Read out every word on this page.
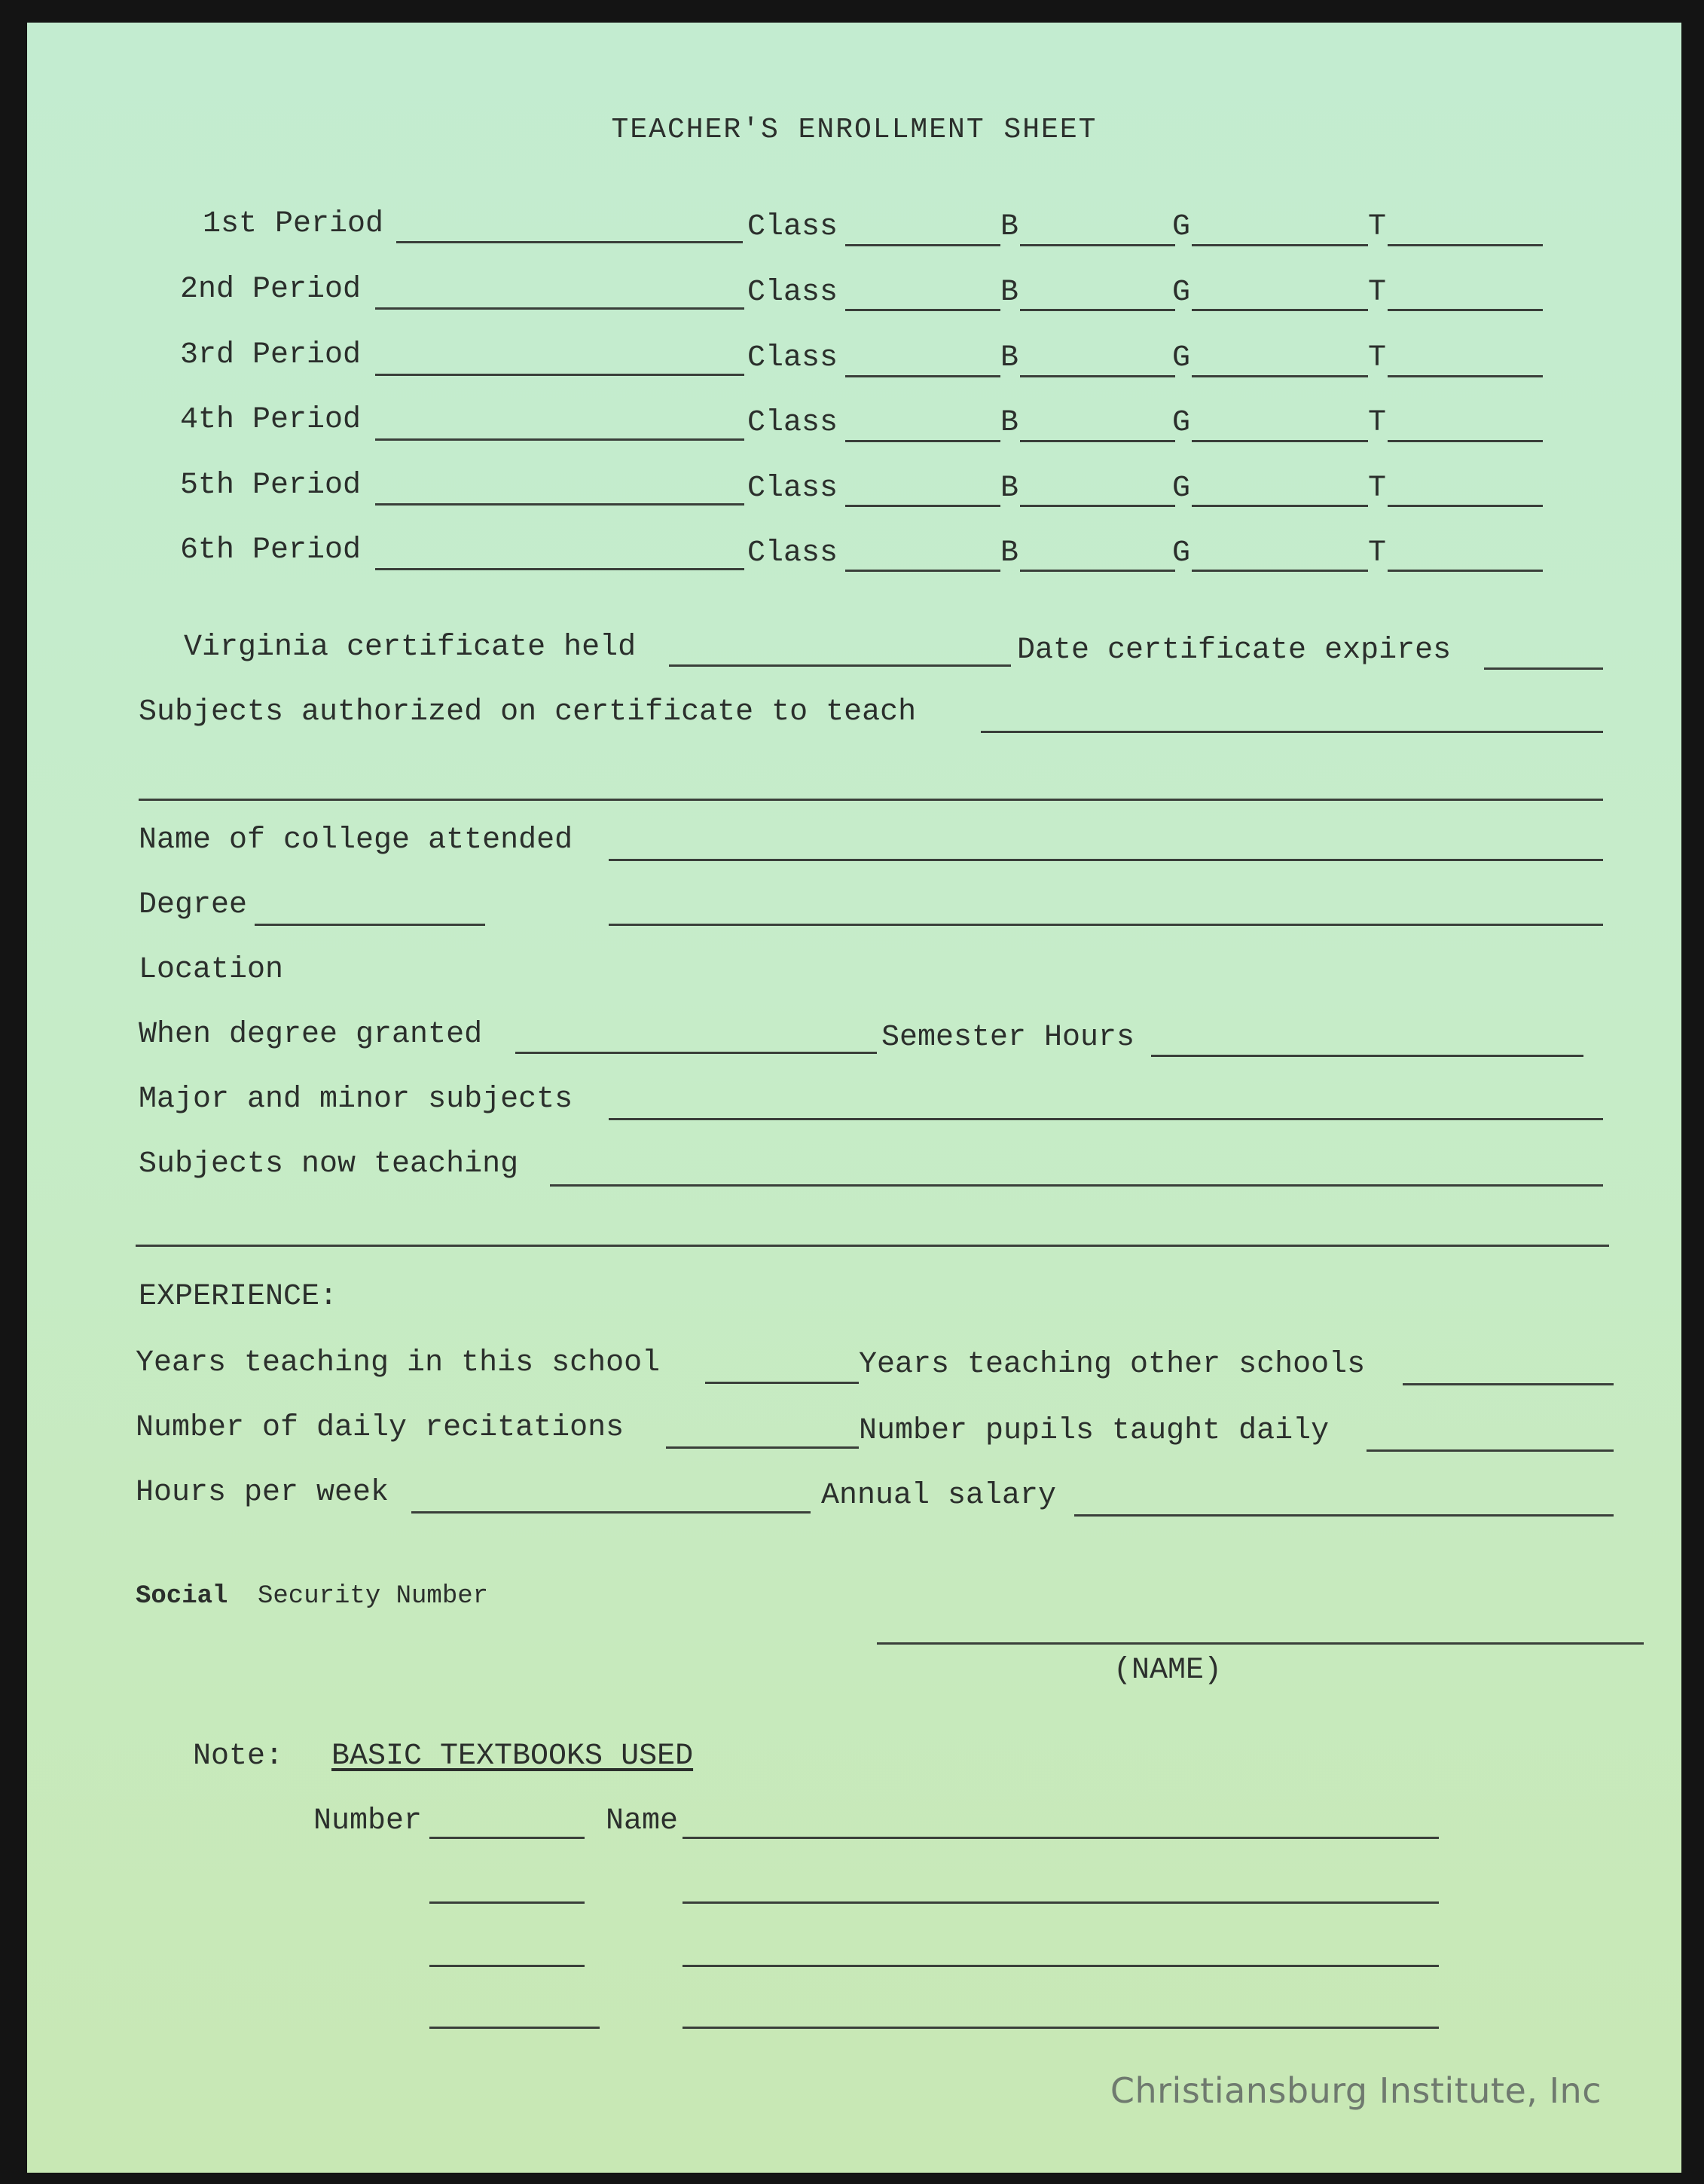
TEACHER'S ENROLLMENT SHEET
1st Period	Class	B	G	T
2nd Period	Class	B	G	T
3rd Period	Class	B	G	T
4th Period	Class	B	G	T
5th Period	Class	B	G	T
6th Period	Class	B	G	T
Virginia certificate held	Date certificate expires
Subjects authorized on certificate to teach
Name of college attended
Degree
Location
When degree granted	Semester Hours
Major and minor subjects
Subjects now teaching
EXPERIENCE:
Years teaching in this school	Years teaching other schools
Number of daily recitations	Number pupils taught daily
Hours per week	Annual salary
Social Security Number
(NAME)
Note: BASIC TEXTBOOKS USED
Number	Name
Christiansburg Institute, Inc
